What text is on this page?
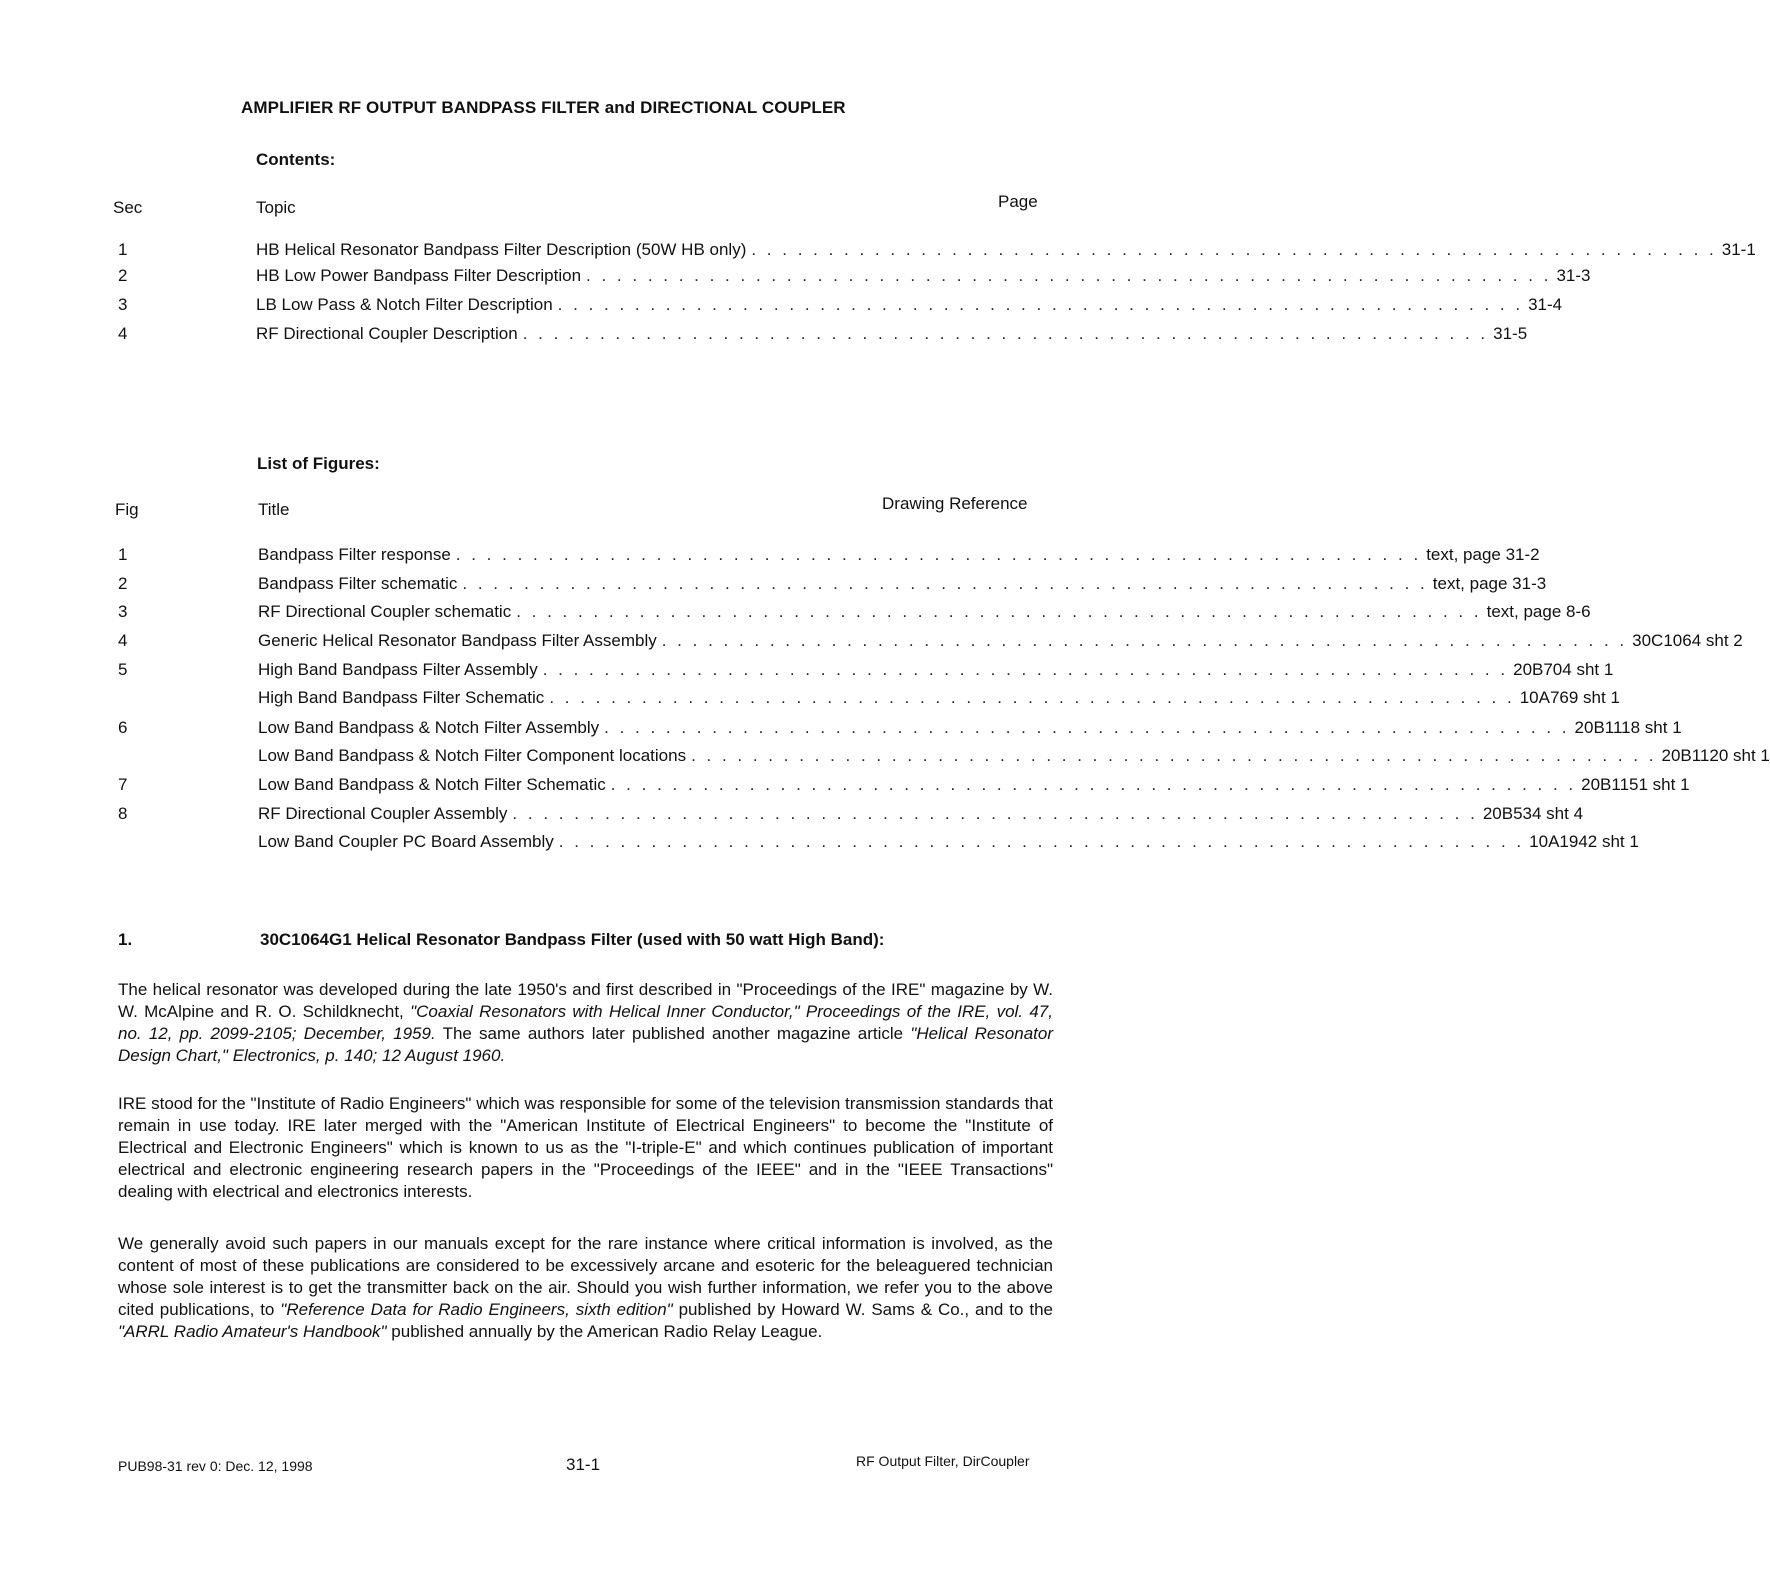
AMPLIFIER RF OUTPUT BANDPASS FILTER and DIRECTIONAL COUPLER
Contents:
Sec	Topic	Page
1	HB Helical Resonator Bandpass Filter Description (50W HB only) . . . . . . . . . . . . . . . . . . . . . . . . . . . . . . . . . . . . . . . . . . . . . . . . . . . . . . . . . . . . . . . 31-1
2	HB Low Power Bandpass Filter Description . . . . . . . . . . . . . . . . . . . . . . . . . . . . . . . . . . . . . . . . . . . . . . . . . . . . . . . . . . . . . . . 31-3
3	LB Low Pass & Notch Filter Description . . . . . . . . . . . . . . . . . . . . . . . . . . . . . . . . . . . . . . . . . . . . . . . . . . . . . . . . . . . . . . . 31-4
4	RF Directional Coupler Description . . . . . . . . . . . . . . . . . . . . . . . . . . . . . . . . . . . . . . . . . . . . . . . . . . . . . . . . . . . . . . . 31-5
List of Figures:
Fig	Title	Drawing Reference
1	Bandpass Filter response . . . . . . . . . . . . . . . . . . . . . . . . . . . . . . . . . . . . . . . . . . . . . . . . . . . . . . . . . . . . . . . text, page 31-2
2	Bandpass Filter schematic . . . . . . . . . . . . . . . . . . . . . . . . . . . . . . . . . . . . . . . . . . . . . . . . . . . . . . . . . . . . . . . text, page 31-3
3	RF Directional Coupler schematic . . . . . . . . . . . . . . . . . . . . . . . . . . . . . . . . . . . . . . . . . . . . . . . . . . . . . . . . . . . . . . . text, page 8-6
4	Generic Helical Resonator Bandpass Filter Assembly . . . . . . . . . . . . . . . . . . . . . . . . . . . . . . . . . . . . . . . . . . . . . . . . . . . . . . . . . . . . . . . 30C1064 sht 2
5	High Band Bandpass Filter Assembly . . . . . . . . . . . . . . . . . . . . . . . . . . . . . . . . . . . . . . . . . . . . . . . . . . . . . . . . . . . . . . . 20B704 sht 1
High Band Bandpass Filter Schematic . . . . . . . . . . . . . . . . . . . . . . . . . . . . . . . . . . . . . . . . . . . . . . . . . . . . . . . . . . . . . . . 10A769 sht 1
6	Low Band Bandpass & Notch Filter Assembly . . . . . . . . . . . . . . . . . . . . . . . . . . . . . . . . . . . . . . . . . . . . . . . . . . . . . . . . . . . . . . . 20B1118 sht 1
Low Band Bandpass & Notch Filter Component locations . . . . . . . . . . . . . . . . . . . . . . . . . . . . . . . . . . . . . . . . . . . . . . . . . . . . . . . . . . . . . . . 20B1120 sht 1
7	Low Band Bandpass & Notch Filter Schematic . . . . . . . . . . . . . . . . . . . . . . . . . . . . . . . . . . . . . . . . . . . . . . . . . . . . . . . . . . . . . . . 20B1151 sht 1
8	RF Directional Coupler Assembly . . . . . . . . . . . . . . . . . . . . . . . . . . . . . . . . . . . . . . . . . . . . . . . . . . . . . . . . . . . . . . . 20B534 sht 4
Low Band Coupler PC Board Assembly . . . . . . . . . . . . . . . . . . . . . . . . . . . . . . . . . . . . . . . . . . . . . . . . . . . . . . . . . . . . . . . 10A1942 sht 1
1.	30C1064G1 Helical Resonator Bandpass Filter (used with 50 watt High Band):

The helical resonator was developed during the late 1950's and first described in "Proceedings of the IRE" magazine by W. W. McAlpine and R. O. Schildknecht, "Coaxial Resonators with Helical Inner Conductor," Proceedings of the IRE, vol. 47, no. 12, pp. 2099-2105; December, 1959. The same authors later published another magazine article "Helical Resonator Design Chart," Electronics, p. 140; 12 August 1960.

IRE stood for the "Institute of Radio Engineers" which was responsible for some of the television transmission standards that remain in use today. IRE later merged with the "American Institute of Electrical Engineers" to become the "Institute of Electrical and Electronic Engineers" which is known to us as the "I-triple-E" and which continues publication of important electrical and electronic engineering research papers in the "Proceedings of the IEEE" and in the "IEEE Transactions" dealing with electrical and electronics interests.

We generally avoid such papers in our manuals except for the rare instance where critical information is involved, as the content of most of these publications are considered to be excessively arcane and esoteric for the beleaguered technician whose sole interest is to get the transmitter back on the air. Should you wish further information, we refer you to the above cited publications, to "Reference Data for Radio Engineers, sixth edition" published by Howard W. Sams & Co., and to the "ARRL Radio Amateur's Handbook" published annually by the American Radio Relay League.

PUB98-31 rev 0: Dec. 12, 1998	31-1	RF Output Filter, DirCoupler
